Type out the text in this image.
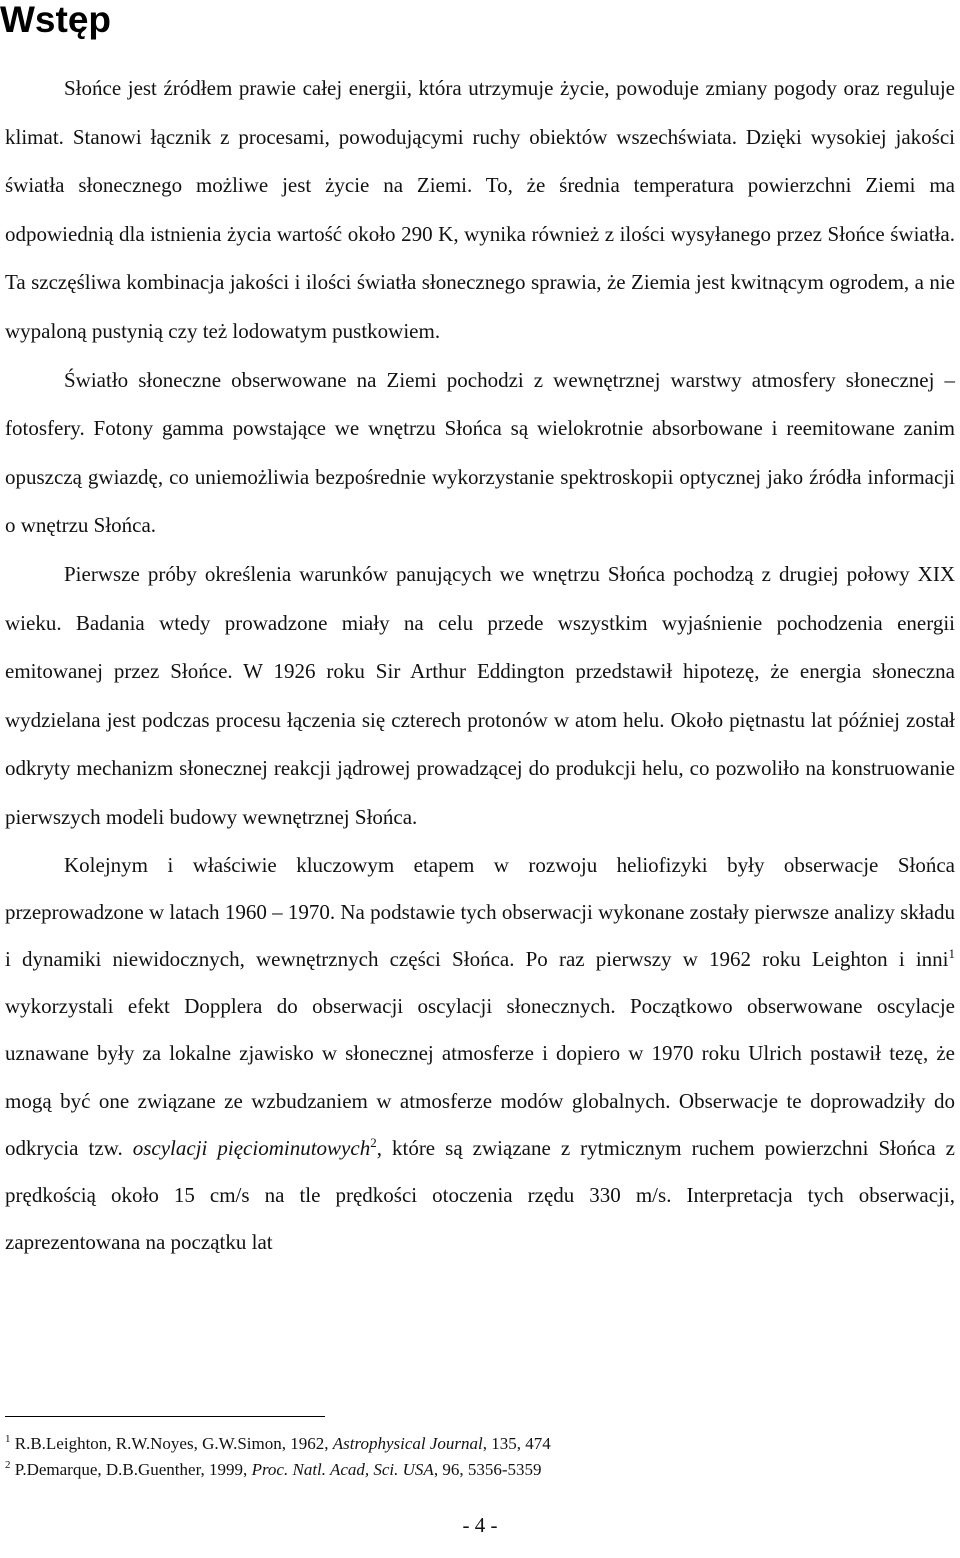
Wstęp

Słońce jest źródłem prawie całej energii, która utrzymuje życie, powoduje zmiany pogody oraz reguluje klimat. Stanowi łącznik z procesami, powodującymi ruchy obiektów wszechświata. Dzięki wysokiej jakości światła słonecznego możliwe jest życie na Ziemi. To, że średnia temperatura powierzchni Ziemi ma odpowiednią dla istnienia życia wartość około 290 K, wynika również z ilości wysyłanego przez Słońce światła. Ta szczęśliwa kombinacja jakości i ilości światła słonecznego sprawia, że Ziemia jest kwitnącym ogrodem, a nie wypaloną pustynią czy też lodowatym pustkowiem.

Światło słoneczne obserwowane na Ziemi pochodzi z wewnętrznej warstwy atmosfery słonecznej – fotosfery. Fotony gamma powstające we wnętrzu Słońca są wielokrotnie absorbowane i reemitowane zanim opuszczą gwiazdę, co uniemożliwia bezpośrednie wykorzystanie spektroskopii optycznej jako źródła informacji o wnętrzu Słońca.

Pierwsze próby określenia warunków panujących we wnętrzu Słońca pochodzą z drugiej połowy XIX wieku. Badania wtedy prowadzone miały na celu przede wszystkim wyjaśnienie pochodzenia energii emitowanej przez Słońce. W 1926 roku Sir Arthur Eddington przedstawił hipotezę, że energia słoneczna wydzielana jest podczas procesu łączenia się czterech protonów w atom helu. Około piętnastu lat później został odkryty mechanizm słonecznej reakcji jądrowej prowadzącej do produkcji helu, co pozwoliło na konstruowanie pierwszych modeli budowy wewnętrznej Słońca.

Kolejnym i właściwie kluczowym etapem w rozwoju heliofizyki były obserwacje Słońca przeprowadzone w latach 1960 – 1970. Na podstawie tych obserwacji wykonane zostały pierwsze analizy składu i dynamiki niewidocznych, wewnętrznych części Słońca. Po raz pierwszy w 1962 roku Leighton i inni$^1$ wykorzystali efekt Dopplera do obserwacji oscylacji słonecznych. Początkowo obserwowane oscylacje uznawane były za lokalne zjawisko w słonecznej atmosferze i dopiero w 1970 roku Ulrich postawił tezę, że mogą być one związane ze wzbudzaniem w atmosferze modów globalnych. Obserwacje te doprowadziły do odkrycia tzw. oscylacji pięciominutowych$^2$, które są związane z rytmicznym ruchem powierzchni Słońca z prędkością około 15 cm/s na tle prędkości otoczenia rzędu 330 m/s. Interpretacja tych obserwacji, zaprezentowana na początku lat

$^1$ R.B.Leighton, R.W.Noyes, G.W.Simon, 1962, Astrophysical Journal, 135, 474
$^2$ P.Demarque, D.B.Guenther, 1999, Proc. Natl. Acad, Sci. USA, 96, 5356-5359
- 4 -
